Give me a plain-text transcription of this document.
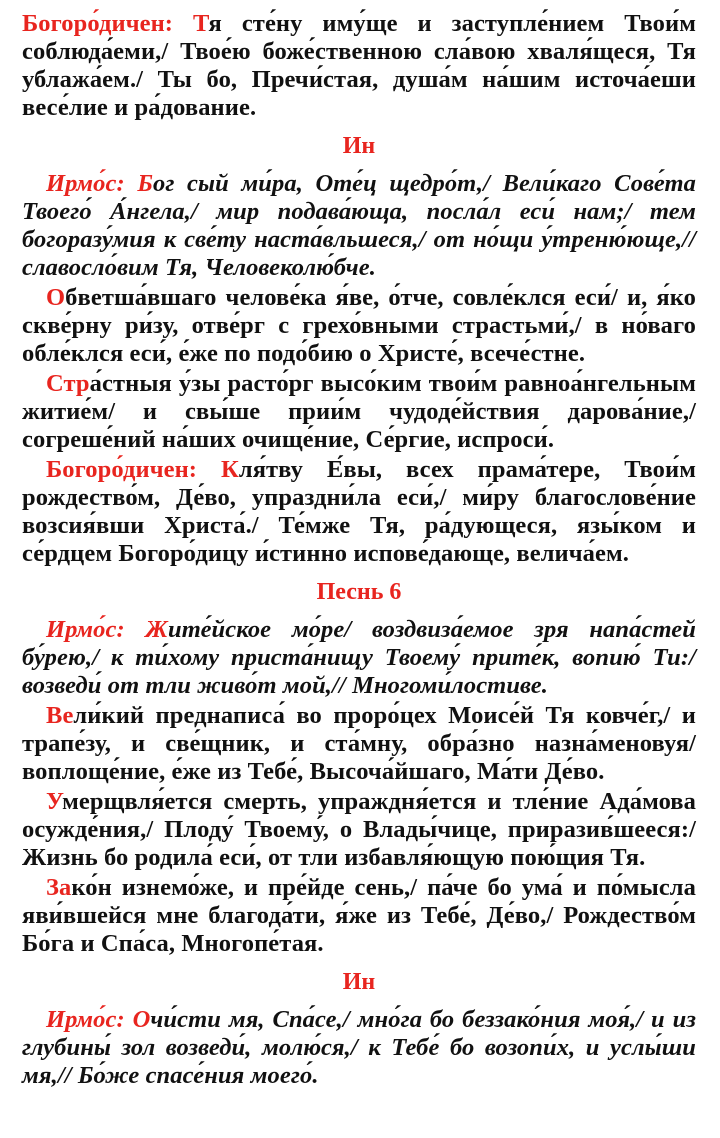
Богоро́дичен: Тя сте́ну иму́ще и заступле́нием Твои́м соблюда́еми,/ Твое́ю боже́ственною сла́вою хваля́щеся, Тя ублажа́ем./ Ты бо, Пречи́стая, душа́м на́шим источа́еши весе́лие и ра́дование.

Ин

Ирмо́с: Бог сый ми́ра, Оте́ц щедро́т,/ Вели́каго Сове́та Твоего́ А́нгела,/ мир подава́юща, посла́л еси́ нам;/ тем богоразу́мия к све́ту наста́вльшеся,/ от но́щи у́треню́юще,// славосло́вим Тя, Человеколю́бче.

Обветша́вшаго челове́ка я́ве, о́тче, совле́клся еси́/ и, я́ко скве́рну ри́зу, отве́рг с грехо́вными страстьми́,/ в но́ваго обле́клся еси́, е́же по подо́бию о Христе́, всече́стне.

Стра́стныя у́зы расто́рг высо́ким твои́м равноа́нгельным житие́м/ и свы́ше прии́м чудоде́йствия дарова́ние,/ согреше́ний на́ших очище́ние, Се́ргие, испроси́.

Богоро́дичен: Кля́тву Е́вы, всех прама́тере, Твои́м рождество́м, Де́во, упраздни́ла еси́,/ ми́ру благослове́ние возсия́вши Христа́./ Те́мже Тя, ра́дующеся, язы́ком и се́рдцем Богоро́дицу и́стинно испове́дающе, велича́ем.

Песнь 6

Ирмо́с: Жите́йское мо́ре/ воздвиза́емое зря напа́стей бу́рею,/ к ти́хому приста́нищу Твоему́ прите́к, вопию́ Ти:/ возведи́ от тли живо́т мой,// Многоми́лостиве.

Вели́кий преднаписа́ во проро́цех Моисе́й Тя ковче́г,/ и трапе́зу, и све́щник, и ста́мну, обра́зно назна́меновуя/ воплоще́ние, е́же из Тебе́, Высоча́йшаго, Ма́ти Де́во.

Умерщвля́ется смерть, упраждня́ется и тле́ние Ада́мова осужде́ния,/ Плоду́ Твоему́, о Влады́чице, приразив́шееся:/ Жизнь бо родила́ еси́, от тли избавля́ющую пою́щия Тя.

Зако́н изнемо́же, и пре́йде сень,/ па́че бо ума́ и по́мысла яви́вшейся мне благода́ти, я́же из Тебе́, Де́во,/ Рождество́м Бо́га и Спа́са, Многопе́тая.

Ин

Ирмо́с: Очи́сти мя, Спа́се,/ мно́га бо беззако́ния моя́,/ и из глубины́ зол возведи́, молю́ся,/ к Тебе́ бо возопи́х, и услы́ши мя,// Бо́же спасе́ния моего́.
